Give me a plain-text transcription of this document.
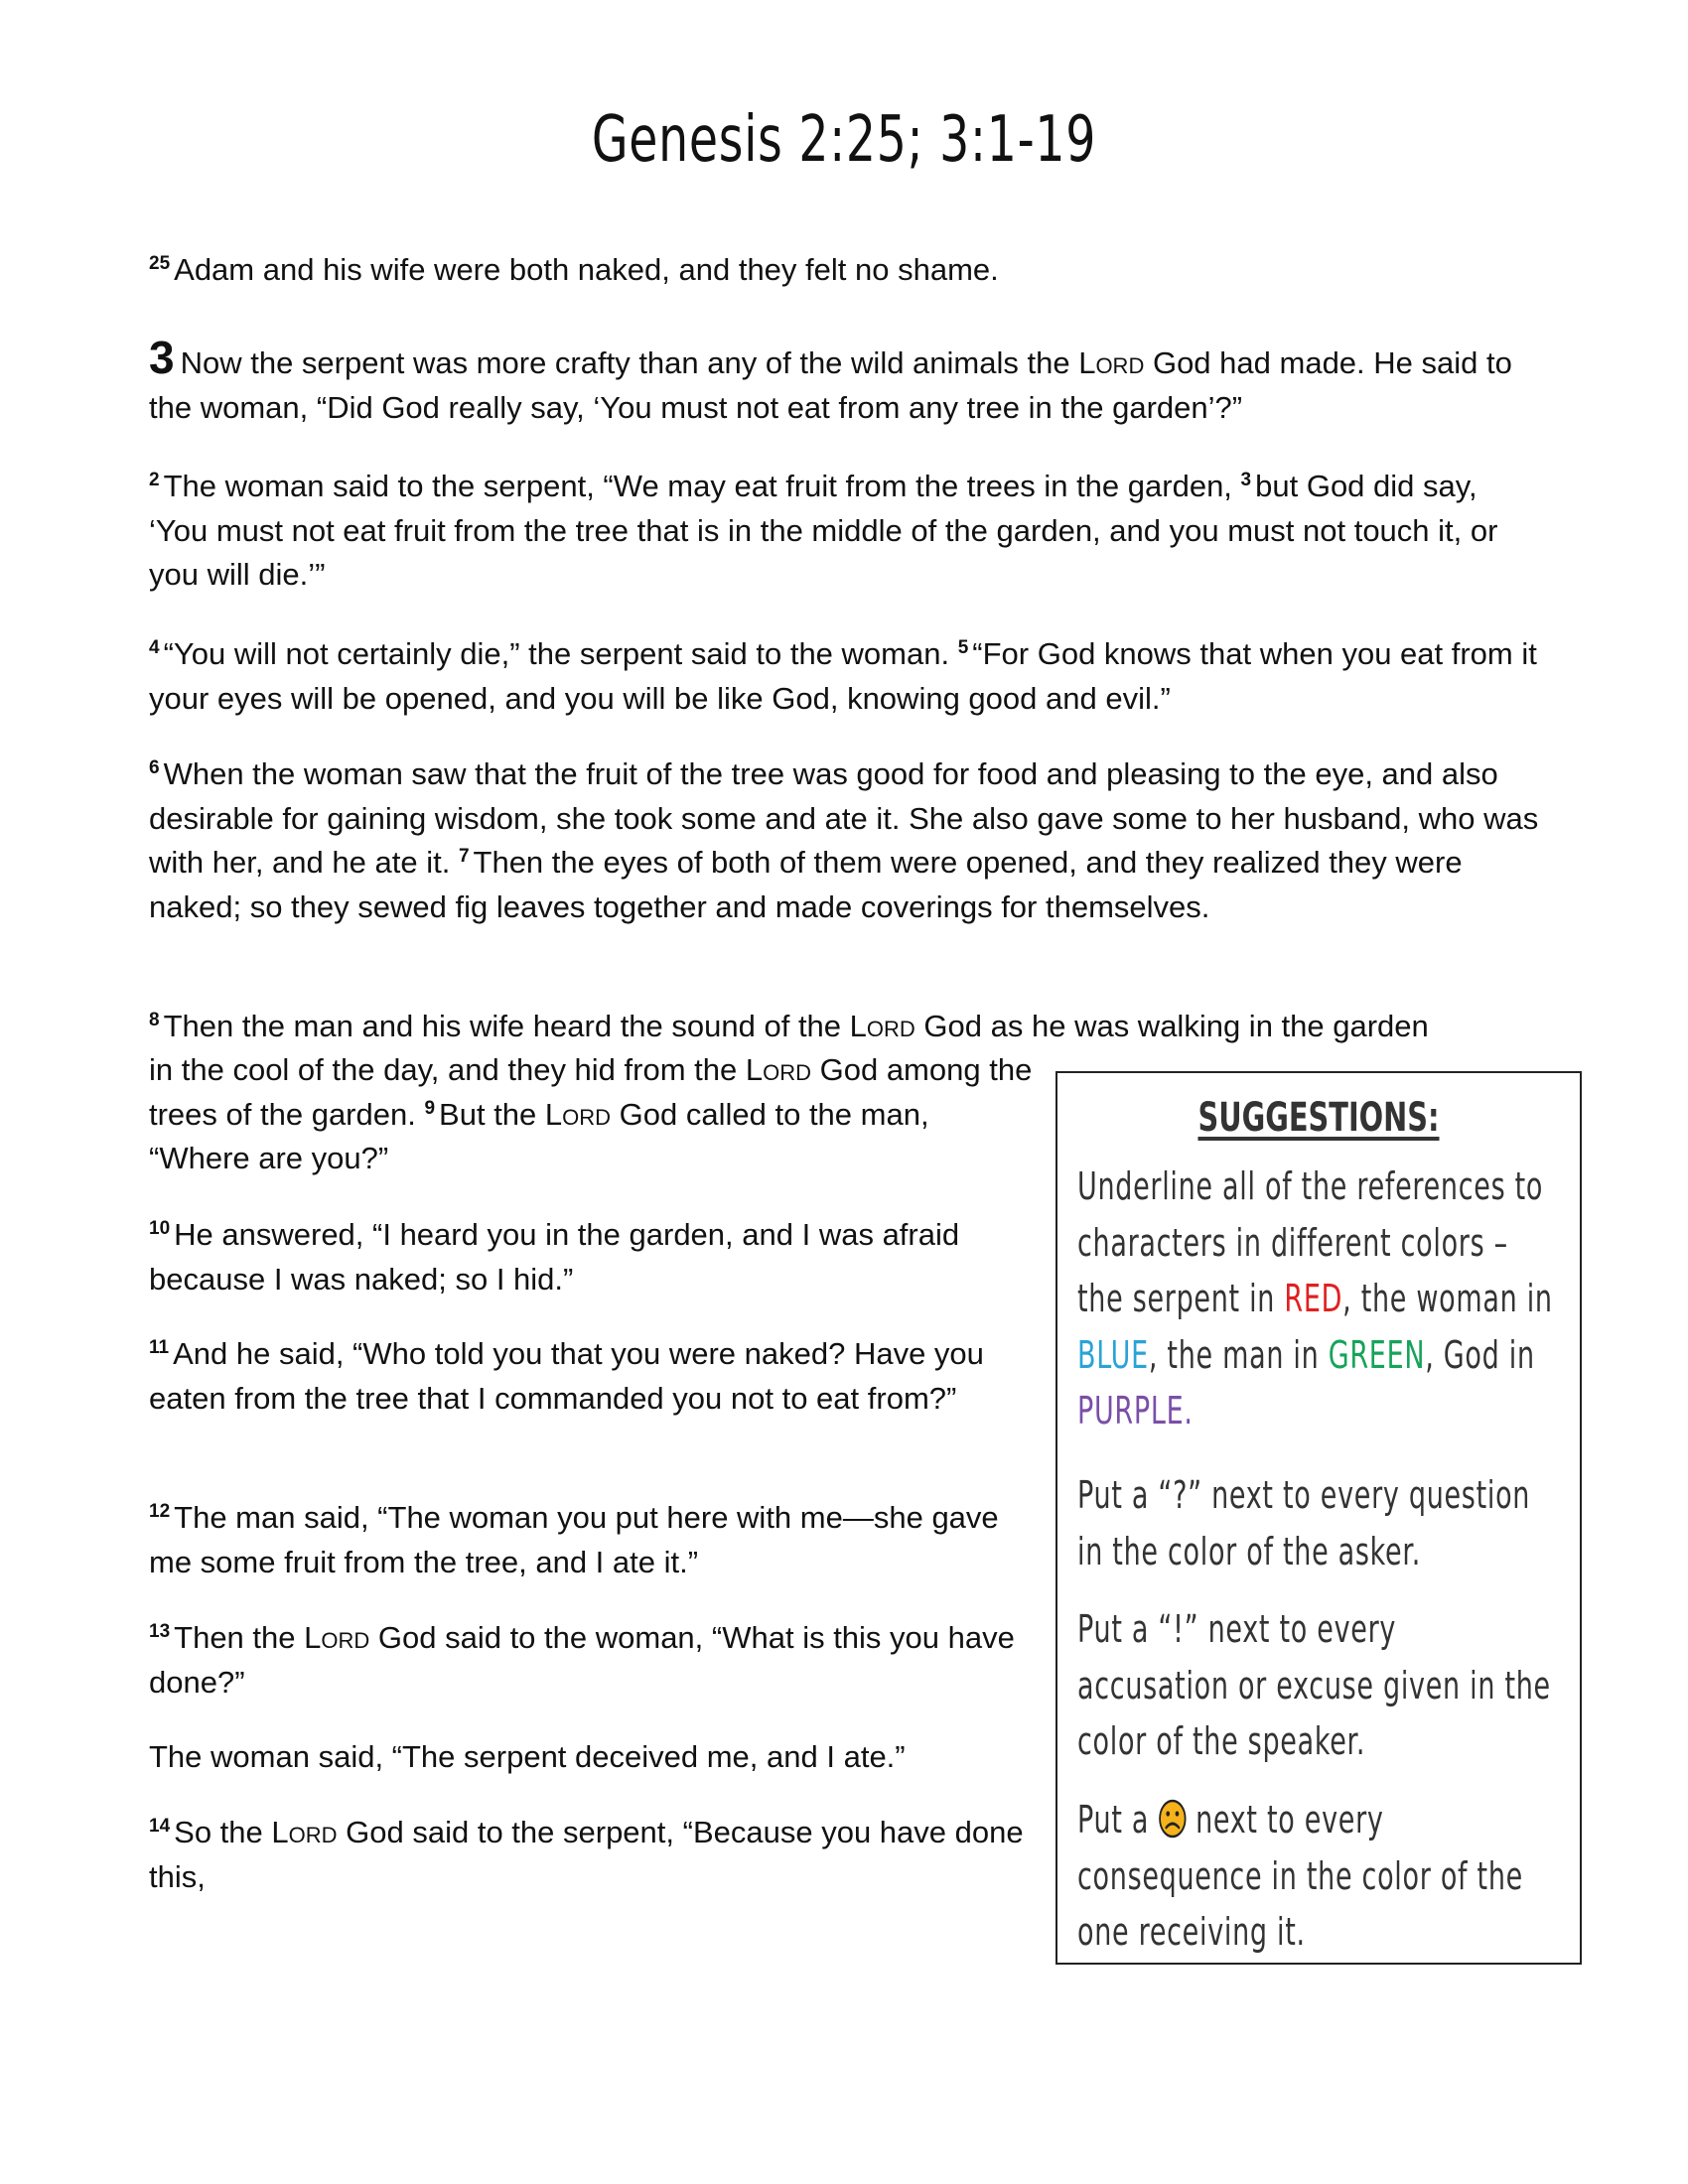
Genesis 2:25; 3:1-19

$^{25}$ Adam and his wife were both naked, and they felt no shame.

3 Now the serpent was more crafty than any of the wild animals the Lord God had made. He said to the woman, “Did God really say, ‘You must not eat from any tree in the garden’?”

$^2$ The woman said to the serpent, “We may eat fruit from the trees in the garden, $^3$ but God did say, ‘You must not eat fruit from the tree that is in the middle of the garden, and you must not touch it, or you will die.’”

$^4$ “You will not certainly die,” the serpent said to the woman. $^5$ “For God knows that when you eat from it your eyes will be opened, and you will be like God, knowing good and evil.”

$^6$ When the woman saw that the fruit of the tree was good for food and pleasing to the eye, and also desirable for gaining wisdom, she took some and ate it. She also gave some to her husband, who was with her, and he ate it. $^7$ Then the eyes of both of them were opened, and they realized they were naked; so they sewed fig leaves together and made coverings for themselves.

$^8$ Then the man and his wife heard the sound of the Lord God as he was walking in the garden

in the cool of the day, and they hid from the Lord God among the trees of the garden. $^9$ But the Lord God called to the man, “Where are you?”

$^{10}$ He answered, “I heard you in the garden, and I was afraid because I was naked; so I hid.”

$^{11}$ And he said, “Who told you that you were naked? Have you eaten from the tree that I commanded you not to eat from?”

$^{12}$ The man said, “The woman you put here with me—she gave me some fruit from the tree, and I ate it.”

$^{13}$ Then the Lord God said to the woman, “What is this you have done?”

The woman said, “The serpent deceived me, and I ate.”

$^{14}$ So the Lord God said to the serpent, “Because you have done this,

SUGGESTIONS:

Underline all of the references to characters in different colors – the serpent in RED, the woman in BLUE, the man in GREEN, God in PURPLE.

Put a “?” next to every question in the color of the asker.

Put a “!” next to every accusation or excuse given in the color of the speaker.

Put a  next to every consequence in the color of the one receiving it.
